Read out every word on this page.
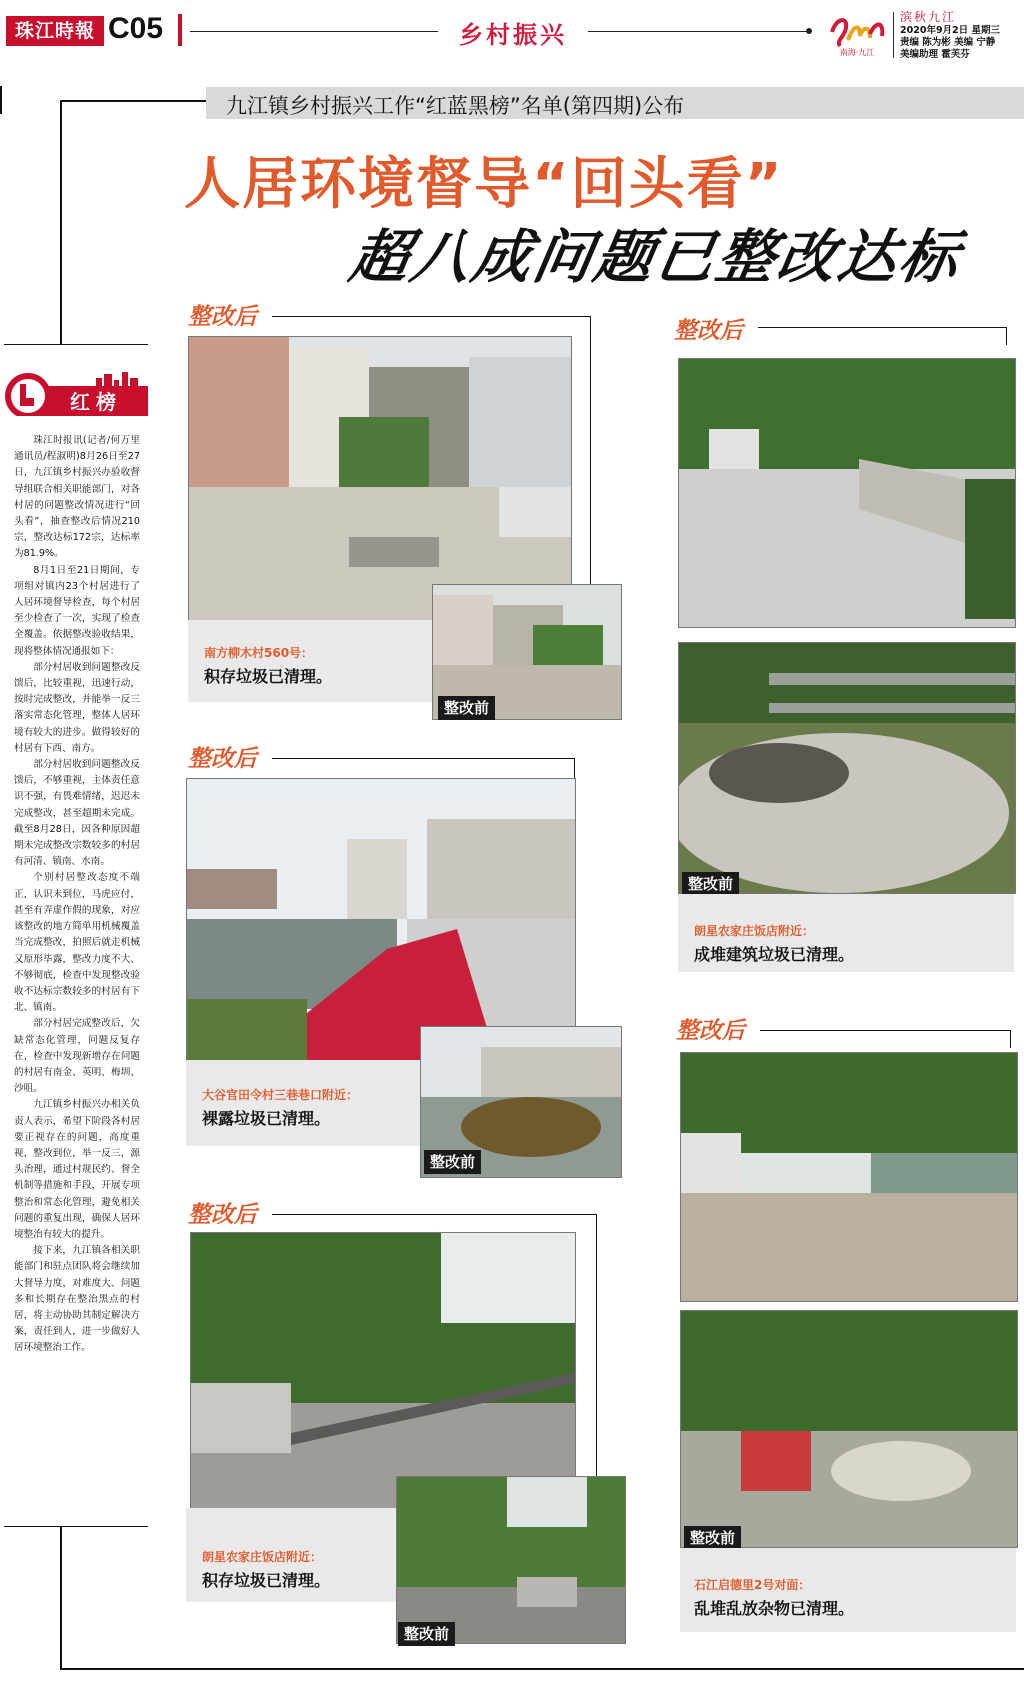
珠江時報 C05	乡村振兴
南海·九江
滨秋九江
2020年9月2日 星期三
责编 陈为彬 美编 宁静
美编助理 霍芙芬
九江镇乡村振兴工作“红蓝黑榜”名单(第四期)公布
人居环境督导“回头看”
超八成问题已整改达标
红榜

珠江时报讯(记者/何万里 通讯员/程淑明)8月26日至27日，九江镇乡村振兴办验收督导组联合相关职能部门，对各村居的问题整改情况进行“回头看”，抽查整改后情况210宗，整改达标172宗，达标率为81.9%。

8月1日至21日期间，专项组对镇内23个村居进行了人居环境督导检查，每个村居至少检查了一次，实现了检查全覆盖。依据整改验收结果，现将整体情况通报如下：

部分村居收到问题整改反馈后，比较重视，迅速行动，按时完成整改，并能举一反三落实常态化管理，整体人居环境有较大的进步。做得较好的村居有下西、南方。

部分村居收到问题整改反馈后，不够重视，主体责任意识不强，有畏难情绪，迟迟未完成整改，甚至超期未完成。截至8月28日，因各种原因超期未完成整改宗数较多的村居有河清、镇南、水南。

个别村居整改态度不端正，认识未到位，马虎应付，甚至有弄虚作假的现象，对应该整改的地方简单用机械覆盖当完成整改，拍照后就走机械又原形毕露，整改力度不大、不够彻底，检查中发现整改验收不达标宗数较多的村居有下北、镇南。

部分村居完成整改后，欠缺常态化管理，问题反复存在，检查中发现新增存在问题的村居有南金、英明、梅圳、沙咀。

九江镇乡村振兴办相关负责人表示，希望下阶段各村居要正视存在的问题，高度重视，整改到位，举一反三，源头治理，通过村规民约、督全机制等措施和手段，开展专项整治和常态化管理，避免相关问题的重复出现，确保人居环境整治有较大的提升。

接下来，九江镇各相关职能部门和驻点团队将会继续加大督导力度，对难度大、问题多和长期存在整治黑点的村居，将主动协助其制定解决方案，责任到人，进一步做好人居环境整治工作。

整改后
南方柳木村560号：
积存垃圾已清理。
整改前
整改后
大谷官田令村三巷巷口附近：
裸露垃圾已清理。
整改前
整改后
朗星农家庄饭店附近：
积存垃圾已清理。
整改前
整改后
整改前
朗星农家庄饭店附近：
成堆建筑垃圾已清理。
整改后
整改前
石江启德里2号对面：
乱堆乱放杂物已清理。
